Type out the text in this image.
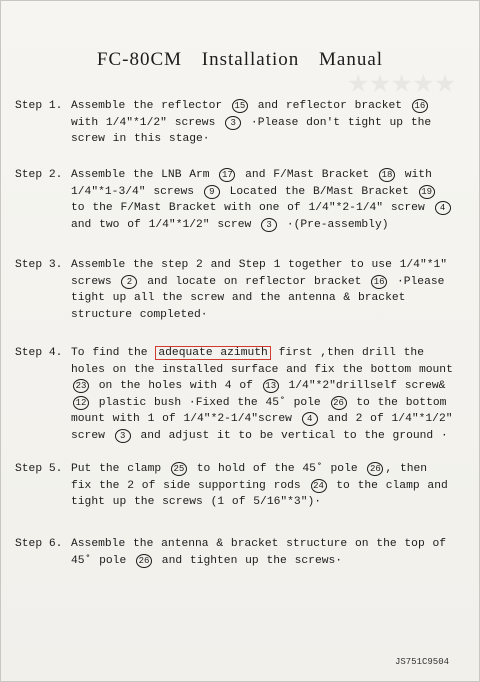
★★★★★
FC-80CM Installation Manual
Step 1. Assemble the reflector 15 and reflector bracket 16 with 1/4"*1/2" screws 3 ·Please don't tight up the screw in this stage·
Step 2. Assemble the LNB Arm 17 and F/Mast Bracket 18 with 1/4"*1-3/4" screws 9 Located the B/Mast Bracket 19 to the F/Mast Bracket with one of 1/4"*2-1/4" screw 4 and two of 1/4"*1/2" screw 3 ·(Pre-assembly)
Step 3. Assemble the step 2 and Step 1 together to use 1/4"*1" screws 2 and locate on reflector bracket 16 ·Please tight up all the screw and the antenna & bracket structure completed·
Step 4. To find the adequate azimuth first ,then drill the holes on the installed surface and fix the bottom mount 23 on the holes with 4 of 13 1/4"*2"drillself screw& 12 plastic bush ·Fixed the 45˚ pole 26 to the bottom mount with 1 of 1/4"*2-1/4"screw 4 and 2 of 1/4"*1/2" screw 3 and adjust it to be vertical to the ground ·
Step 5. Put the clamp 25 to hold of the 45˚ pole 26 , then fix the 2 of side supporting rods 24 to the clamp and tight up the screws (1 of 5/16"*3")·
Step 6. Assemble the antenna & bracket structure on the top of 45˚ pole 26 and tighten up the screws·
JS751C9504
